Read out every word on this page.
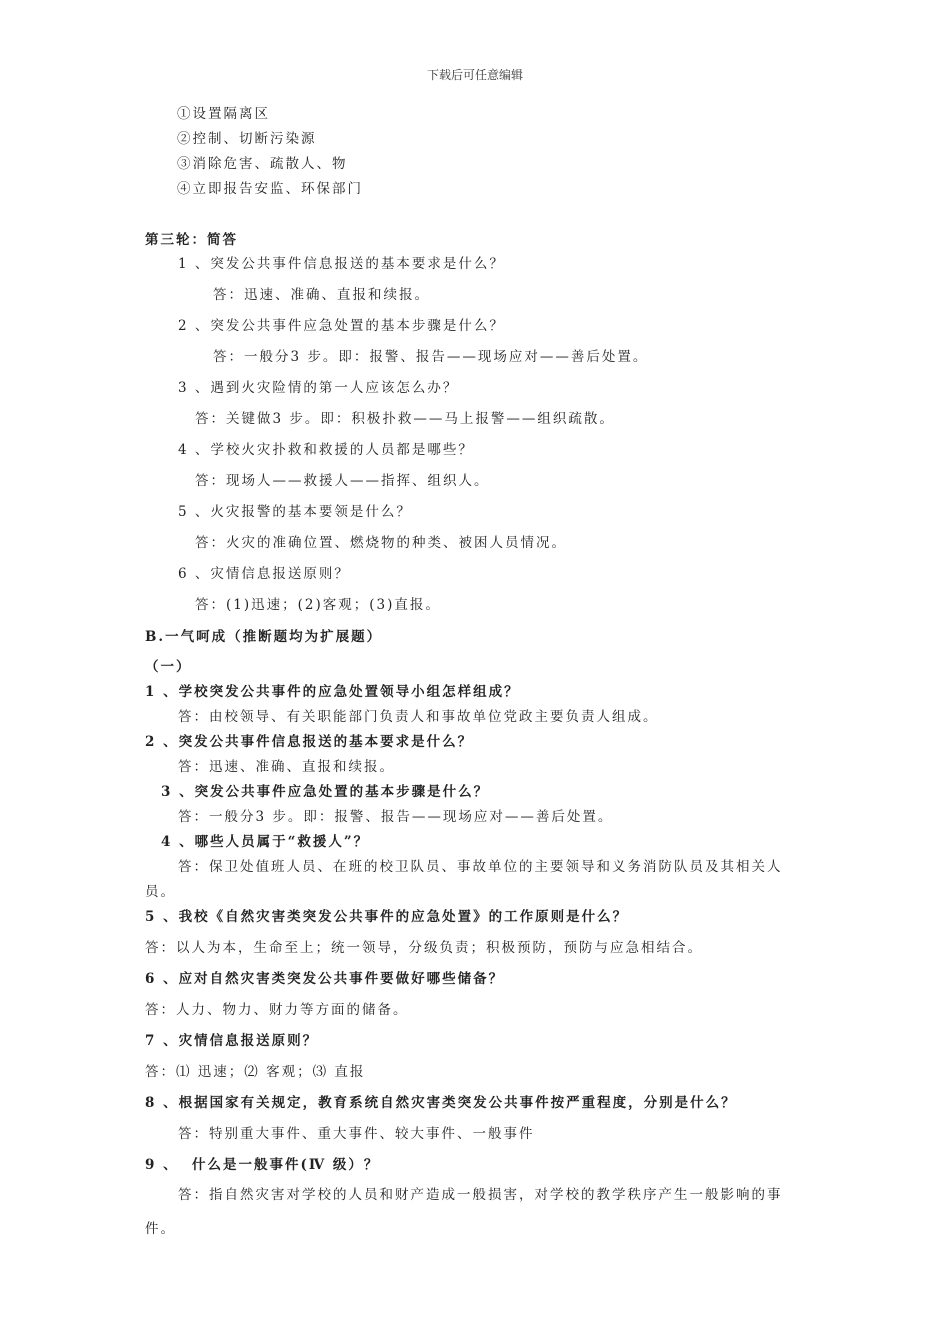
下载后可任意编辑
①设置隔离区
②控制、切断污染源
③消除危害、疏散人、物
④立即报告安监、环保部门
第三轮：简答
1 、突发公共事件信息报送的基本要求是什么？
答：迅速、准确、直报和续报。
2 、突发公共事件应急处置的基本步骤是什么？
答：一般分3 步。即：报警、报告——现场应对——善后处置。
3 、遇到火灾险情的第一人应该怎么办？
答：关键做3 步。即：积极扑救——马上报警——组织疏散。
4 、学校火灾扑救和救援的人员都是哪些？
答：现场人——救援人——指挥、组织人。
5 、火灾报警的基本要领是什么？
答：火灾的准确位置、燃烧物的种类、被困人员情况。
6 、灾情信息报送原则？
答：(1)迅速；(2)客观；(3)直报。
B.一气呵成（推断题均为扩展题）
（一）
1 、学校突发公共事件的应急处置领导小组怎样组成？
答：由校领导、有关职能部门负责人和事故单位党政主要负责人组成。
2 、突发公共事件信息报送的基本要求是什么？
答：迅速、准确、直报和续报。
3 、突发公共事件应急处置的基本步骤是什么？
答：一般分3 步。即：报警、报告——现场应对——善后处置。
4 、哪些人员属于“救援人”？
答：保卫处值班人员、在班的校卫队员、事故单位的主要领导和义务消防队员及其相关人员。
5 、我校《自然灾害类突发公共事件的应急处置》的工作原则是什么？
答：以人为本，生命至上；统一领导，分级负责；积极预防，预防与应急相结合。
6 、应对自然灾害类突发公共事件要做好哪些储备？
答：人力、物力、财力等方面的储备。
7 、灾情信息报送原则？
答：⑴ 迅速；⑵ 客观；⑶ 直报
8 、根据国家有关规定，教育系统自然灾害类突发公共事件按严重程度，分别是什么？
答：特别重大事件、重大事件、较大事件、一般事件
9 、  什么是一般事件(Ⅳ 级）？
答：指自然灾害对学校的人员和财产造成一般损害，对学校的教学秩序产生一般影响的事件。
